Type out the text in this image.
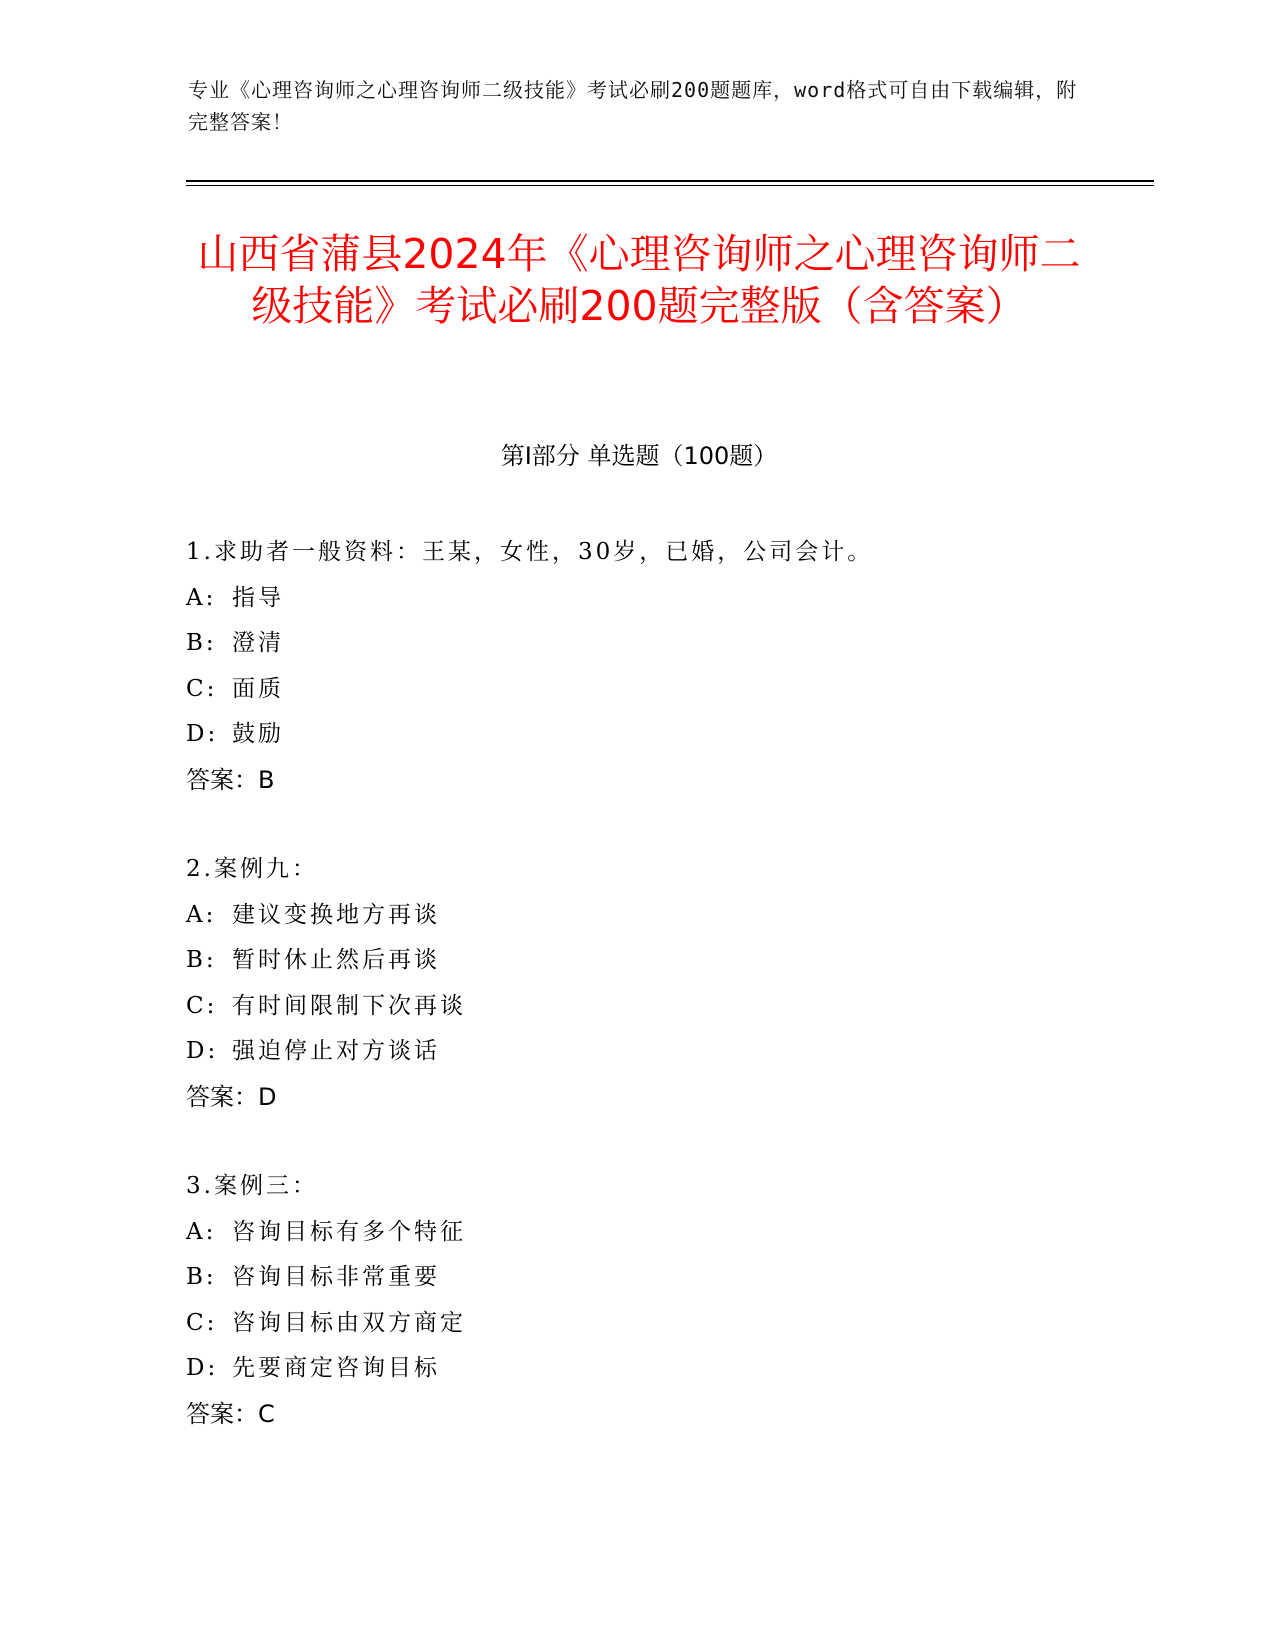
专业《心理咨询师之心理咨询师二级技能》考试必刷200题题库，word格式可自由下载编辑，附完整答案！
山西省蒲县2024年《心理咨询师之心理咨询师二级技能》考试必刷200题完整版（含答案）
第Ⅰ部分 单选题（100题）
1.求助者一般资料：王某，女性，30岁，已婚，公司会计。
A: 指导
B: 澄清
C: 面质
D: 鼓励
答案：B
2.案例九：
A: 建议变换地方再谈
B: 暂时休止然后再谈
C: 有时间限制下次再谈
D: 强迫停止对方谈话
答案：D
3.案例三：
A: 咨询目标有多个特征
B: 咨询目标非常重要
C: 咨询目标由双方商定
D: 先要商定咨询目标
答案：C
